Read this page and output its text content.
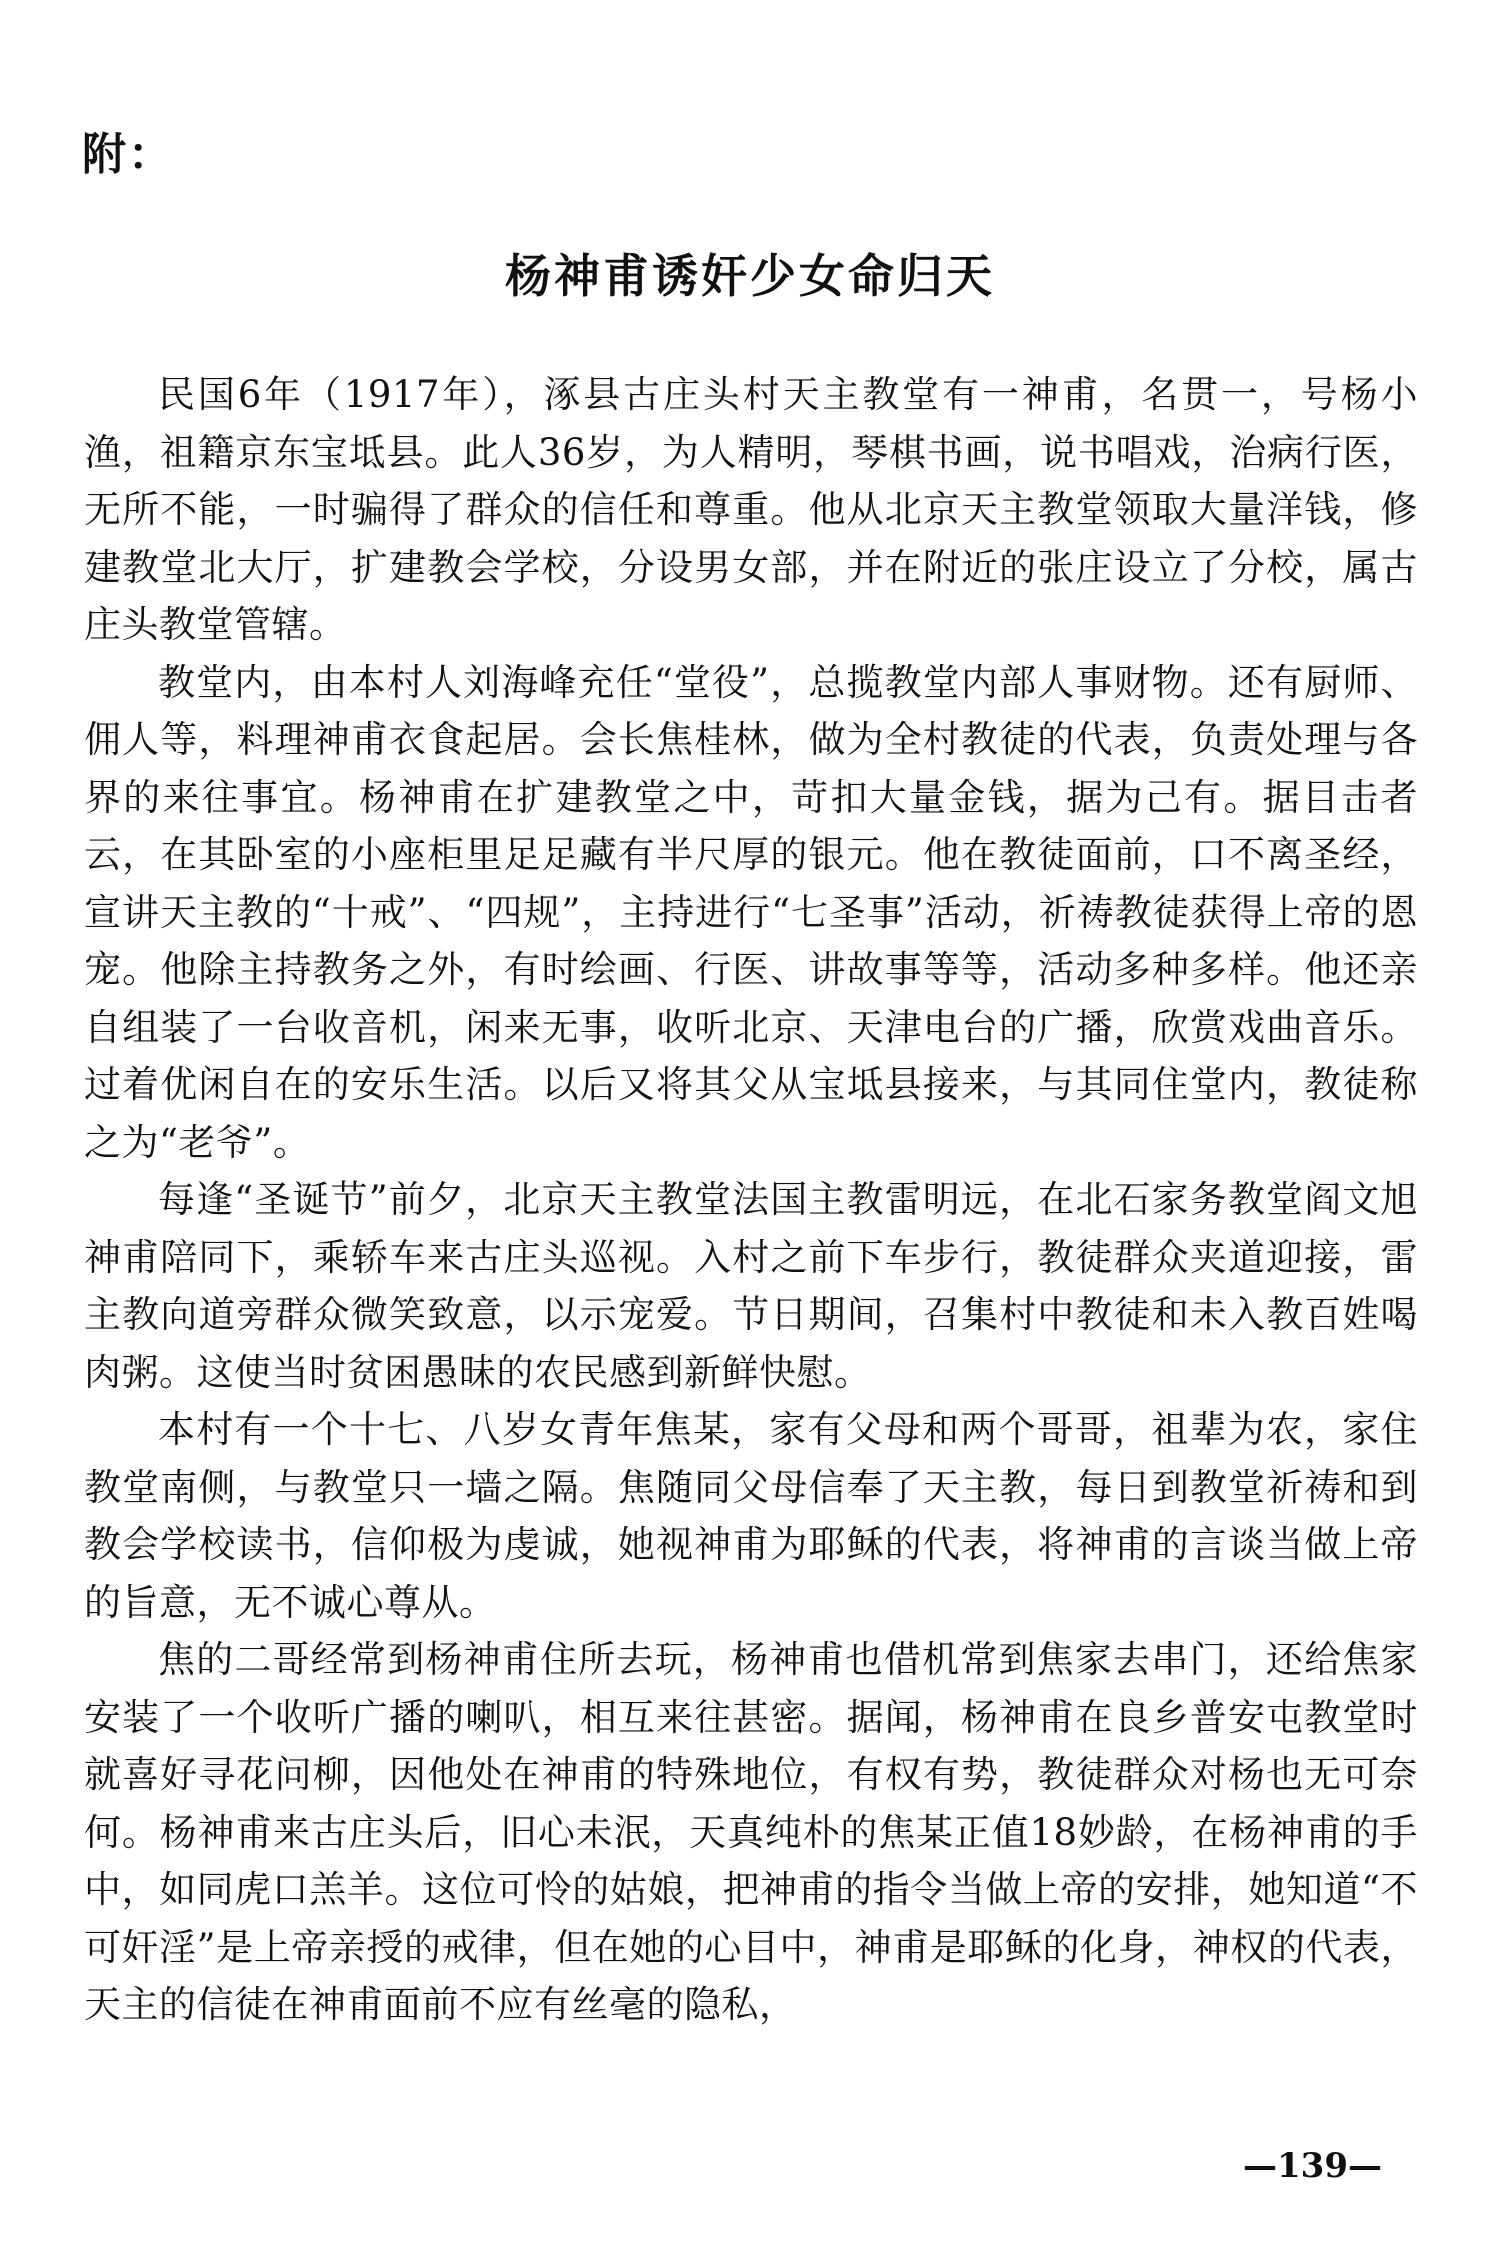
附：

杨神甫诱奸少女命归天

民国6年（1917年），涿县古庄头村天主教堂有一神甫，名贯一，号杨小渔，祖籍京东宝坻县。此人36岁，为人精明，琴棋书画，说书唱戏，治病行医，无所不能，一时骗得了群众的信任和尊重。他从北京天主教堂领取大量洋钱，修建教堂北大厅，扩建教会学校，分设男女部，并在附近的张庄设立了分校，属古庄头教堂管辖。

教堂内，由本村人刘海峰充任“堂役”，总揽教堂内部人事财物。还有厨师、佣人等，料理神甫衣食起居。会长焦桂林，做为全村教徒的代表，负责处理与各界的来往事宜。杨神甫在扩建教堂之中，苛扣大量金钱，据为己有。据目击者云，在其卧室的小座柜里足足藏有半尺厚的银元。他在教徒面前，口不离圣经，宣讲天主教的“十戒”、“四规”，主持进行“七圣事”活动，祈祷教徒获得上帝的恩宠。他除主持教务之外，有时绘画、行医、讲故事等等，活动多种多样。他还亲自组装了一台收音机，闲来无事，收听北京、天津电台的广播，欣赏戏曲音乐。过着优闲自在的安乐生活。以后又将其父从宝坻县接来，与其同住堂内，教徒称之为“老爷”。

每逢“圣诞节”前夕，北京天主教堂法国主教雷明远，在北石家务教堂阎文旭神甫陪同下，乘轿车来古庄头巡视。入村之前下车步行，教徒群众夹道迎接，雷主教向道旁群众微笑致意，以示宠爱。节日期间，召集村中教徒和未入教百姓喝肉粥。这使当时贫困愚昧的农民感到新鲜快慰。

本村有一个十七、八岁女青年焦某，家有父母和两个哥哥，祖辈为农，家住教堂南侧，与教堂只一墙之隔。焦随同父母信奉了天主教，每日到教堂祈祷和到教会学校读书，信仰极为虔诚，她视神甫为耶稣的代表，将神甫的言谈当做上帝的旨意，无不诚心尊从。

焦的二哥经常到杨神甫住所去玩，杨神甫也借机常到焦家去串门，还给焦家安装了一个收听广播的喇叭，相互来往甚密。据闻，杨神甫在良乡普安屯教堂时就喜好寻花问柳，因他处在神甫的特殊地位，有权有势，教徒群众对杨也无可奈何。杨神甫来古庄头后，旧心未泯，天真纯朴的焦某正值18妙龄，在杨神甫的手中，如同虎口羔羊。这位可怜的姑娘，把神甫的指令当做上帝的安排，她知道“不可奸淫”是上帝亲授的戒律，但在她的心目中，神甫是耶稣的化身，神权的代表，天主的信徒在神甫面前不应有丝毫的隐私，

—139—
